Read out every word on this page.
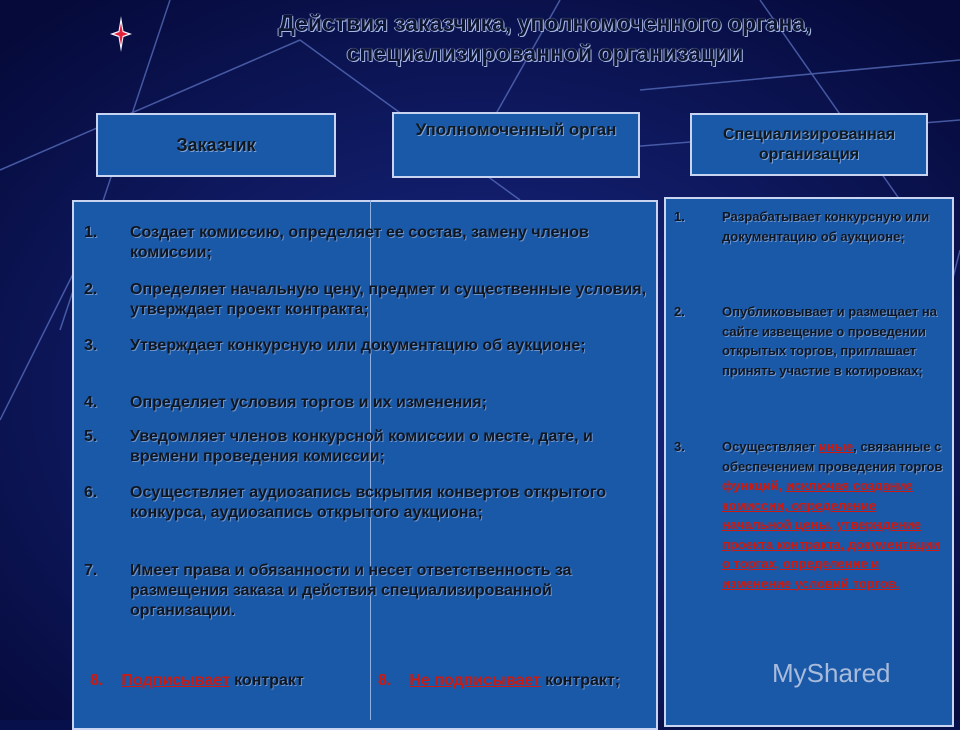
Действия заказчика, уполномоченного органа,
специализированной организации
Заказчик
Уполномоченный орган	Специализированная организация
1. Создает комиссию, определяет ее состав, замену членов комиссии;
2. Определяет начальную цену, предмет и существенные условия, утверждает проект контракта;
3. Утверждает конкурсную или документацию об аукционе;
4. Определяет условия торгов и их изменения;
5. Уведомляет членов конкурсной комиссии о месте, дате, и времени проведения комиссии;
6. Осуществляет аудиозапись вскрытия конвертов открытого конкурса, аудиозапись открытого аукциона;
7. Имеет права и обязанности и несет ответственность за размещения заказа и действия специализированной организации.
8. Подписывает контракт	8. Не подписывает контракт;
1.	Разрабатывает конкурсную или документацию об аукционе;
2.	Опубликовывает и размещает на сайте извещение о проведении открытых торгов, приглашает принять участие в котировках;
3.	Осуществляет иные, связанные с обеспечением проведения торгов функций, исключая создание комиссии, определение начальной цены, утверждение проекта контракта, документации о торгах, определение и изменение условий торгов.
MyShared
